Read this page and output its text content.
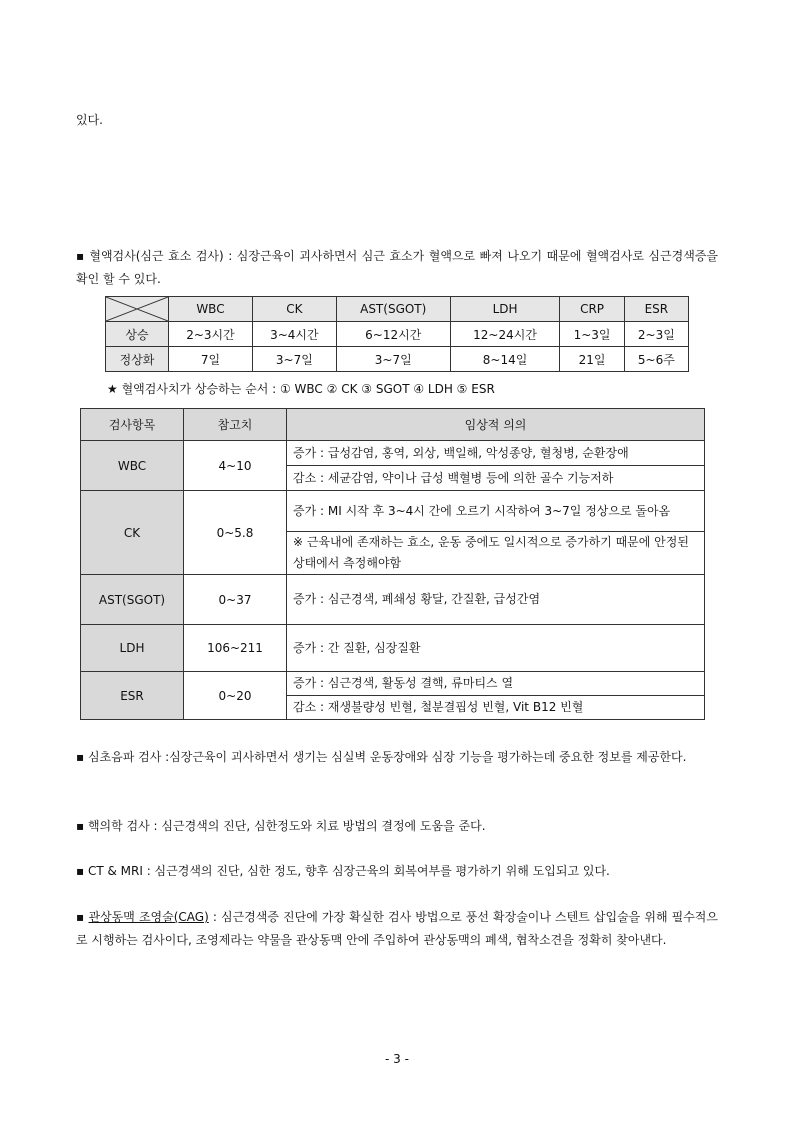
있다.
▪ 혈액검사(심근 효소 검사) : 심장근육이 괴사하면서 심근 효소가 혈액으로 빠져 나오기 때문에 혈액검사로 심근경색증을 확인 할 수 있다.
	WBC	CK	AST(SGOT)	LDH	CRP	ESR
상승	2~3시간	3~4시간	6~12시간	12~24시간	1~3일	2~3일
정상화	7일	3~7일	3~7일	8~14일	21일	5~6주
★ 혈액검사치가 상승하는 순서 : ① WBC ② CK ③ SGOT ④ LDH ⑤ ESR
검사항목	참고치	임상적 의의
WBC	4~10	증가 : 급성감염, 홍역, 외상, 백일해, 악성종양, 혈청병, 순환장애
		감소 : 세균감염, 약이나 급성 백혈병 등에 의한 골수 기능저하
CK	0~5.8	증가 : MI 시작 후 3~4시 간에 오르기 시작하여 3~7일 정상으로 돌아옴
		※ 근육내에 존재하는 효소, 운동 중에도 일시적으로 증가하기 때문에 안정된 상태에서 측정해야함
AST(SGOT)	0~37	증가 : 심근경색, 폐쇄성 황달, 간질환, 급성간염
LDH	106~211	증가 : 간 질환, 심장질환
ESR	0~20	증가 : 심근경색, 활동성 결핵, 류마티스 열
		감소 : 재생불량성 빈혈, 철분결핍성 빈혈, Vit B12 빈혈
▪ 심초음파 검사 :심장근육이 괴사하면서 생기는 심실벽 운동장애와 심장 기능을 평가하는데 중요한 정보를 제공한다.
▪ 핵의학 검사 : 심근경색의 진단, 심한정도와 치료 방법의 결정에 도움을 준다.
▪ CT & MRI : 심근경색의 진단, 심한 정도, 향후 심장근육의 회복여부를 평가하기 위해 도입되고 있다.
▪ 관상동맥 조영술(CAG) : 심근경색증 진단에 가장 확실한 검사 방법으로 풍선 확장술이나 스텐트 삽입술을 위해 필수적으로 시행하는 검사이다, 조영제라는 약물을 관상동맥 안에 주입하여 관상동맥의 폐색, 협착소견을 정확히 찾아낸다.
- 3 -
